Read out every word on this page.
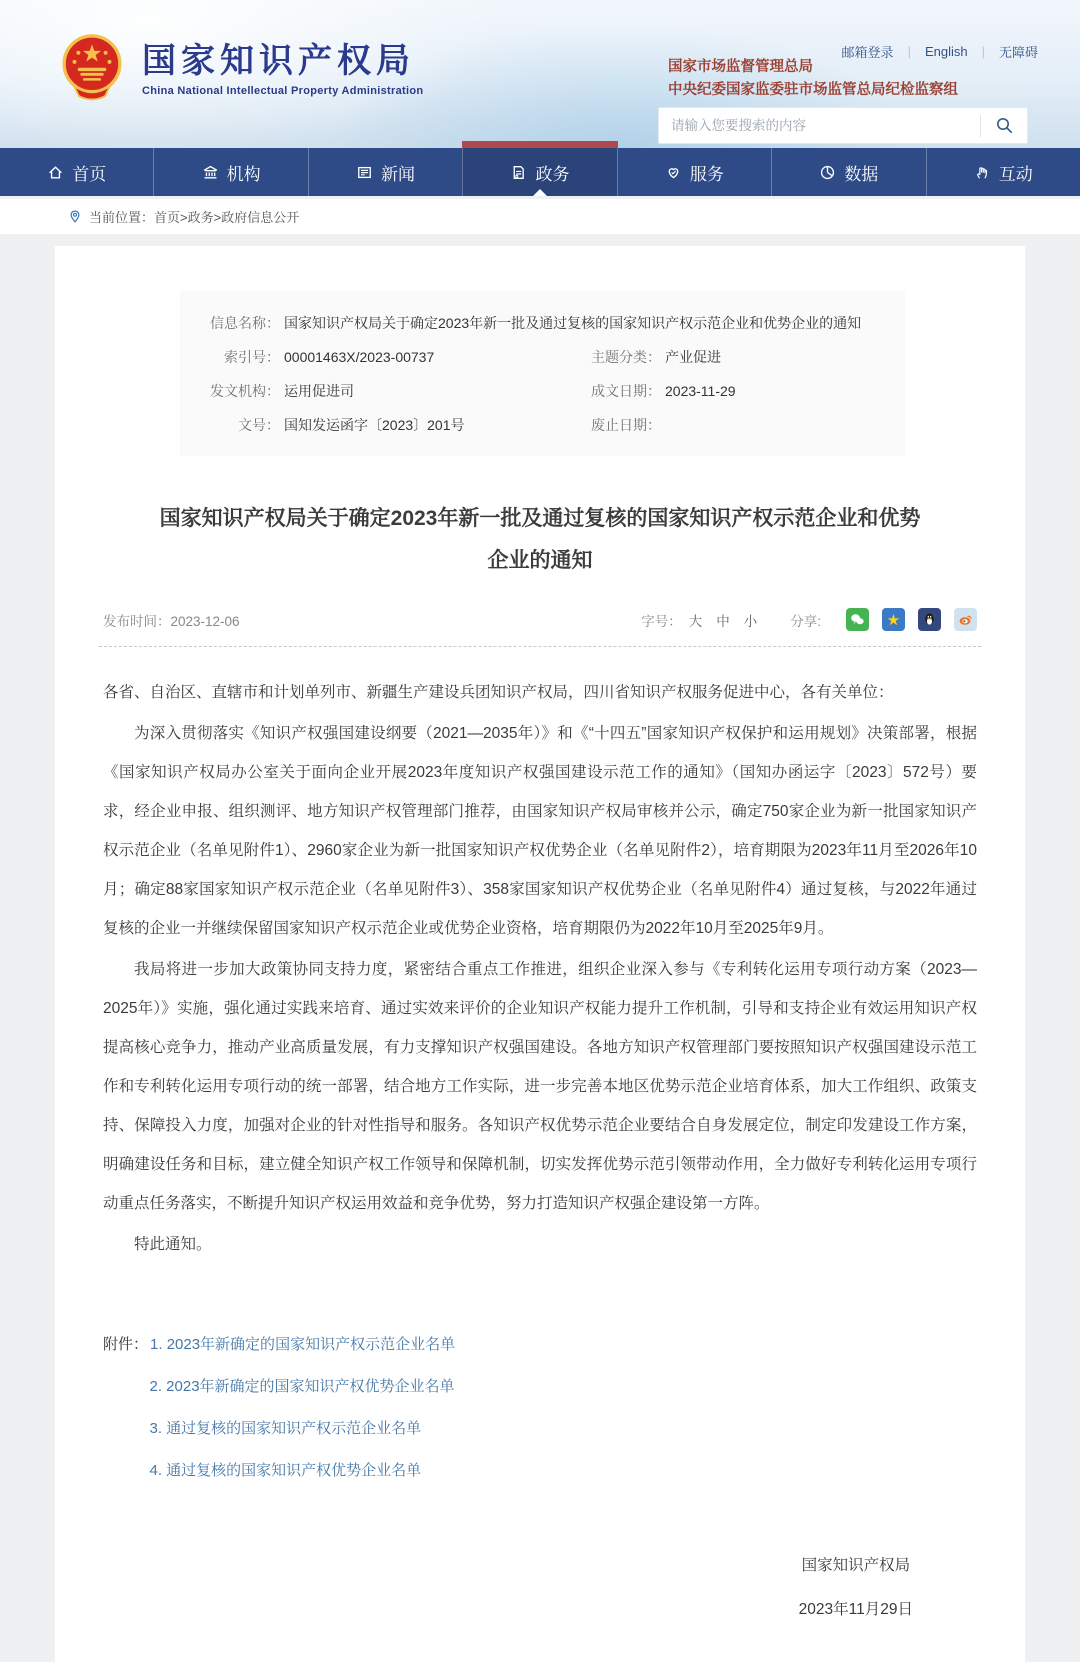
国家知识产权局
China National Intellectual Property Administration
邮箱登录 | English | 无障碍
国家市场监督管理总局
中央纪委国家监委驻市场监管总局纪检监察组
请输入您要搜索的内容
首页	机构	新闻	政务	服务	数据	互动
当前位置： 首页>政务>政府信息公开
信息名称： 国家知识产权局关于确定2023年新一批及通过复核的国家知识产权示范企业和优势企业的通知
索引号： 00001463X/2023-00737	主题分类： 产业促进
发文机构： 运用促进司	成文日期： 2023-11-29
文号： 国知发运函字〔2023〕201号	废止日期：
国家知识产权局关于确定2023年新一批及通过复核的国家知识产权示范企业和优势企业的通知
发布时间：2023-12-06	字号： 大 中 小 分享:	★

各省、自治区、直辖市和计划单列市、新疆生产建设兵团知识产权局，四川省知识产权服务促进中心，各有关单位：

为深入贯彻落实《知识产权强国建设纲要（2021—2035年）》和《“十四五”国家知识产权保护和运用规划》决策部署，根据《国家知识产权局办公室关于面向企业开展2023年度知识产权强国建设示范工作的通知》（国知办函运字〔2023〕572号）要求，经企业申报、组织测评、地方知识产权管理部门推荐，由国家知识产权局审核并公示，确定750家企业为新一批国家知识产权示范企业（名单见附件1）、2960家企业为新一批国家知识产权优势企业（名单见附件2），培育期限为2023年11月至2026年10月；确定88家国家知识产权示范企业（名单见附件3）、358家国家知识产权优势企业（名单见附件4）通过复核，与2022年通过复核的企业一并继续保留国家知识产权示范企业或优势企业资格，培育期限仍为2022年10月至2025年9月。

我局将进一步加大政策协同支持力度，紧密结合重点工作推进，组织企业深入参与《专利转化运用专项行动方案（2023—2025年）》实施，强化通过实践来培育、通过实效来评价的企业知识产权能力提升工作机制，引导和支持企业有效运用知识产权提高核心竞争力，推动产业高质量发展，有力支撑知识产权强国建设。各地方知识产权管理部门要按照知识产权强国建设示范工作和专利转化运用专项行动的统一部署，结合地方工作实际，进一步完善本地区优势示范企业培育体系，加大工作组织、政策支持、保障投入力度，加强对企业的针对性指导和服务。各知识产权优势示范企业要结合自身发展定位，制定印发建设工作方案，明确建设任务和目标，建立健全知识产权工作领导和保障机制，切实发挥优势示范引领带动作用，全力做好专利转化运用专项行动重点任务落实，不断提升知识产权运用效益和竞争优势，努力打造知识产权强企建设第一方阵。

特此通知。

附件： 1. 2023年新确定的国家知识产权示范企业名单
2. 2023年新确定的国家知识产权优势企业名单
3. 通过复核的国家知识产权示范企业名单
4. 通过复核的国家知识产权优势企业名单
国家知识产权局
2023年11月29日
